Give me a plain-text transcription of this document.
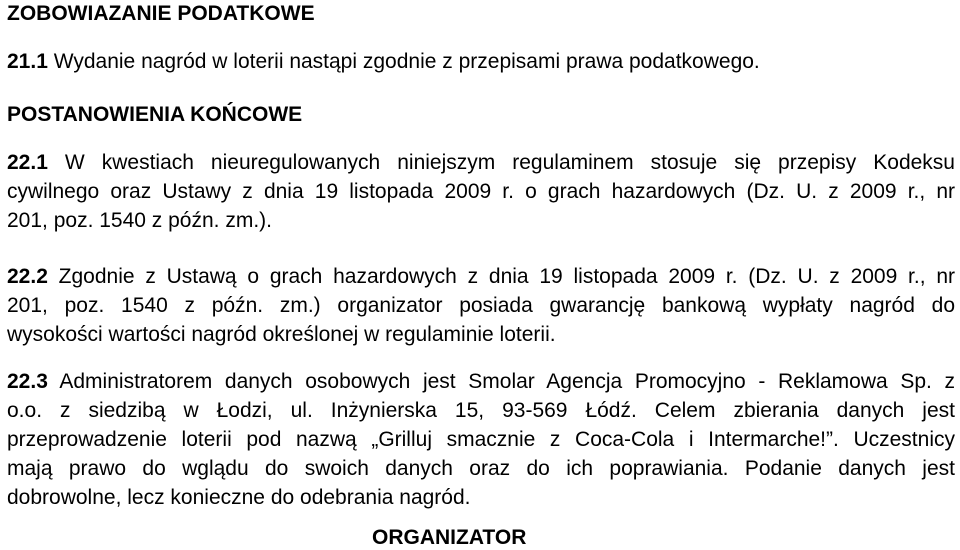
ZOBOWIAZANIE PODATKOWE
21.1 Wydanie nagród w loterii nastąpi zgodnie z przepisami prawa podatkowego.
POSTANOWIENIA KOŃCOWE
22.1 W kwestiach nieuregulowanych niniejszym regulaminem stosuje się przepisy Kodeksu
cywilnego oraz Ustawy z dnia 19 listopada 2009 r. o grach hazardowych (Dz. U. z 2009 r., nr
201, poz. 1540 z późn. zm.).
22.2 Zgodnie z Ustawą o grach hazardowych z dnia 19 listopada 2009 r. (Dz. U. z 2009 r., nr
201, poz. 1540 z późn. zm.) organizator posiada gwarancję bankową wypłaty nagród do
wysokości wartości nagród określonej w regulaminie loterii.
22.3 Administratorem danych osobowych jest Smolar Agencja Promocyjno - Reklamowa Sp. z
o.o. z siedzibą w Łodzi, ul. Inżynierska 15, 93-569 Łódź. Celem zbierania danych jest
przeprowadzenie loterii pod nazwą „Grilluj smacznie z Coca-Cola i Intermarche!”. Uczestnicy
mają prawo do wglądu do swoich danych oraz do ich poprawiania. Podanie danych jest
dobrowolne, lecz konieczne do odebrania nagród.
ORGANIZATOR
